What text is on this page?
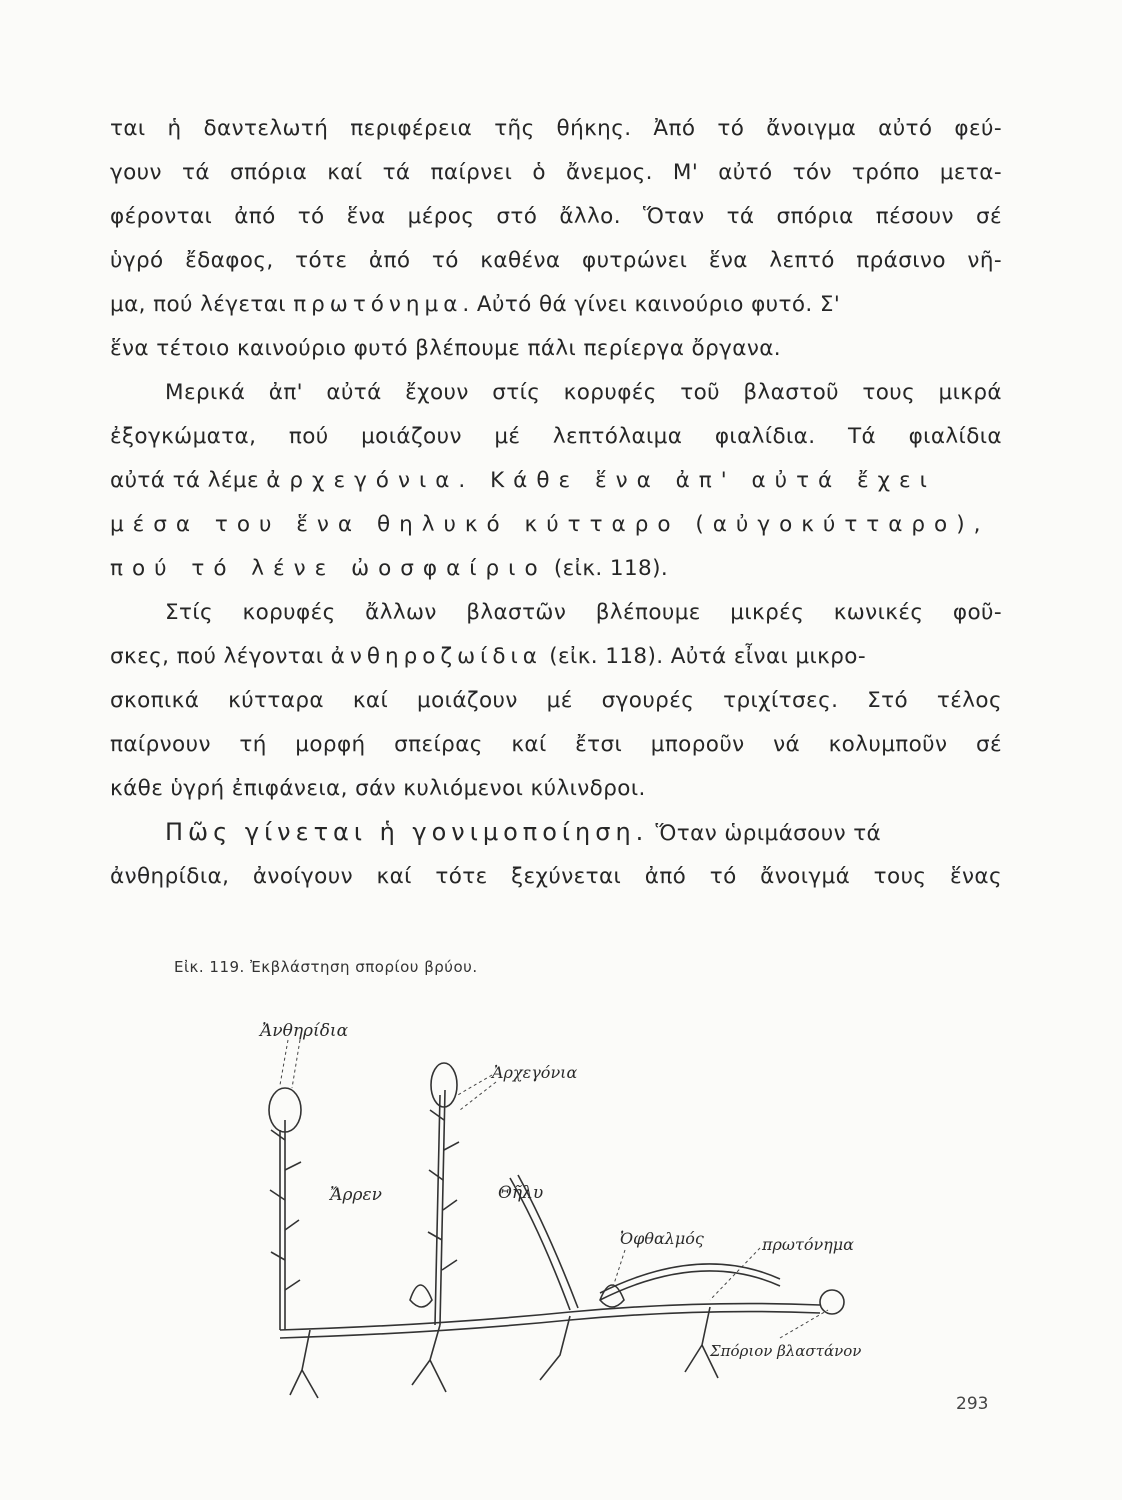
ται ἡ δαντελωτή περιφέρεια τῆς θήκης. Ἀπό τό ἄνοιγμα αὐτό φεύ-

γουν τά σπόρια καί τά παίρνει ὁ ἄνεμος. Μ' αὐτό τόν τρόπο μετα-

φέρονται ἀπό τό ἕνα μέρος στό ἄλλο. Ὅταν τά σπόρια πέσουν σέ

ὑγρό ἔδαφος, τότε ἀπό τό καθένα φυτρώνει ἕνα λεπτό πράσινο νῆ-

μα, πού λέγεται πρωτόνημα. Αὐτό θά γίνει καινούριο φυτό. Σ'

ἕνα τέτοιο καινούριο φυτό βλέπουμε πάλι περίεργα ὄργανα.

Μερικά ἀπ' αὐτά ἔχουν στίς κορυφές τοῦ βλαστοῦ τους μικρά

ἐξογκώματα, πού μοιάζουν μέ λεπτόλαιμα φιαλίδια. Τά φιαλίδια

αὐτά τά λέμε ἀρχεγόνια. Κάθε ἕνα ἀπ' αὐτά ἔχει

μέσα του ἕνα θηλυκό κύτταρο (αὐγοκύτταρο),

πού τό λένε ὠοσφαίριο (εἰκ. 118).

Στίς κορυφές ἄλλων βλαστῶν βλέπουμε μικρές κωνικές φοῦ-

σκες, πού λέγονται ἀνθηροζωίδια (εἰκ. 118). Αὐτά εἶναι μικρο-

σκοπικά κύτταρα καί μοιάζουν μέ σγουρές τριχίτσες. Στό τέλος

παίρνουν τή μορφή σπείρας καί ἔτσι μποροῦν νά κολυμποῦν σέ

κάθε ὑγρή ἐπιφάνεια, σάν κυλιόμενοι κύλινδροι.

Πῶς γίνεται ἡ γονιμοποίηση. Ὅταν ὡριμάσουν τά

ἀνθηρίδια, ἀνοίγουν καί τότε ξεχύνεται ἀπό τό ἄνοιγμά τους ἕνας

Εἰκ. 119. Ἐκβλάστηση σπορίου βρύου.
Ἀνθηρίδια
Ἀρχεγόνια
Ἄρρεν	Θῆλυ
Ὀφθαλμός	πρωτόνημα
Σπόριον βλαστάνον
293
